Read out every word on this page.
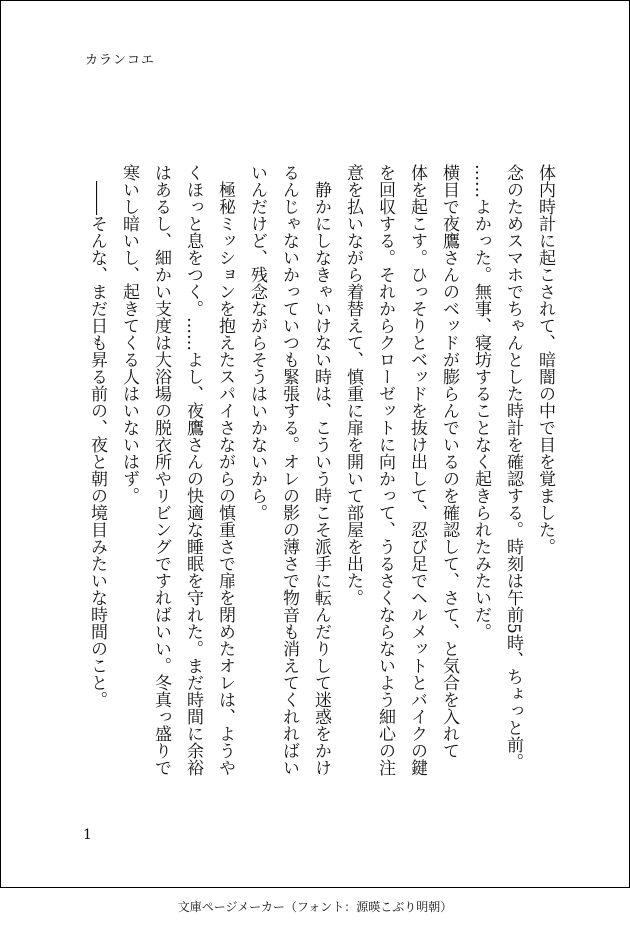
カランコエ
体内時計に起こされて、暗闇の中で目を覚ました。
念のためスマホでちゃんとした時計を確認する。時刻は午前5時、ちょっと前。
……よかった。無事、寝坊することなく起きられたみたいだ。
横目で夜鷹さんのベッドが膨らんでいるのを確認して、さて、と気合を入れて
体を起こす。ひっそりとベッドを抜け出して、忍び足でヘルメットとバイクの鍵
を回収する。それからクローゼットに向かって、うるさくならないよう細心の注
意を払いながら着替えて、慎重に扉を開いて部屋を出た。
　静かにしなきゃいけない時は、こういう時こそ派手に転んだりして迷惑をかけ
るんじゃないかっていつも緊張する。オレの影の薄さで物音も消えてくれればい
いんだけど、残念ながらそうはいかないから。
　極秘ミッションを抱えたスパイさながらの慎重さで扉を閉めたオレは、ようや
くほっと息をつく。……よし、夜鷹さんの快適な睡眠を守れた。まだ時間に余裕
はあるし、細かい支度は大浴場の脱衣所やリビングですればいい。冬真っ盛りで
寒いし暗いし、起きてくる人はいないはず。
　――そんな、まだ日も昇る前の、夜と朝の境目みたいな時間のこと。
1
文庫ページメーカー（フォント：源暎こぶり明朝）
